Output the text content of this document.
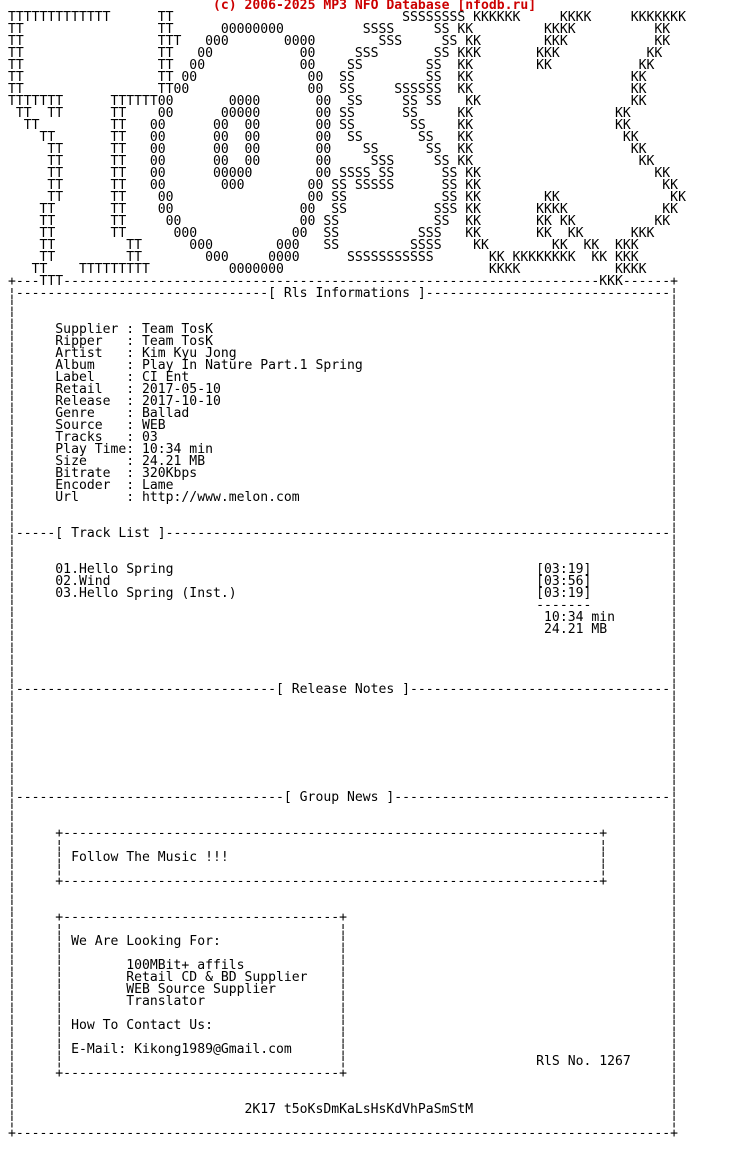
(c) 2006-2025 MP3 NFO Database [nfodb.ru]
TTTTTTTTTTTTT      TT                             SSSSSSSS KKKKKK     KKKK     KKKKKKK
TT                 TT      00000000          SSSS     SS KK         KKKK          KK
TT                 TTT   000       0000        SSS     SS KK        KKK           KK
TT                 TT   00           00     SSS       SS KKK       KKK           KK
TT                 TT  00            00    SS        SS  KK        KK           KK
TT                 TT 00              00  SS         SS  KK                    KK
TT                 TT00               00  SS     SSSSSS  KK                    KK
TTTTTTT      TTTTTT00       0000       00  SS     SS SS   KK                   KK
TT  TT      TT    00      00000       00 SS      SS     KK                  KK
TT         TT   00      00  00       00 SS       SS    KK                  KK
TT       TT   00      00  00       00  SS       SS   KK                   KK
TT      TT   00      00  00       00    SS      SS  KK                    KK
TT      TT   00      00  00       00     SSS     SS KK                     KK
TT      TT   00      00000        00 SSSS SS      SS KK                      KK
TT      TT   00       000        00 SS SSSSS      SS KK                       KK
TT      TT    00                 00 SS            SS KK        KK              KK
TT       TT    00                00  SS           SSS KK       KKKK            KK
TT       TT     00               00 SS            SS  KK       KK KK          KK
TT       TT      000            00  SS          SSS   KK       KK  KK      KKK
TT         TT      000        000   SS         SSSS    KK        KK  KK  KKK
TT         TT        000     0000      SSSSSSSSSSS       KK KKKKKKKK  KK KKK
TT    TTTTTTTTT          0000000                          KKKK            KKKK
+---TTT--------------------------------------------------------------------KKK------+
¦--------------------------------[ Rls Informations ]-------------------------------¦
¦                                                                                   ¦
¦                                                                                   ¦
¦     Supplier : Team TosK                                                          ¦
¦     Ripper   : Team TosK                                                          ¦
¦     Artist   : Kim Kyu Jong                                                       ¦
¦     Album    : Play In Nature Part.1 Spring                                       ¦
¦     Label    : CI Ent                                                             ¦
¦     Retail   : 2017-05-10                                                         ¦
¦     Release  : 2017-10-10                                                         ¦
¦     Genre    : Ballad                                                             ¦
¦     Source   : WEB                                                                ¦
¦     Tracks   : 03                                                                 ¦
¦     Play Time: 10:34 min                                                          ¦
¦     Size     : 24.21 MB                                                           ¦
¦     Bitrate  : 320Kbps                                                            ¦
¦     Encoder  : Lame                                                               ¦
¦     Url      : http://www.melon.com                                               ¦
¦                                                                                   ¦
¦                                                                                   ¦
¦-----[ Track List ]----------------------------------------------------------------¦
¦                                                                                   ¦
¦                                                                                   ¦
¦     01.Hello Spring                                              [03:19]          ¦
¦     02.Wind                                                      [03:56]          ¦
¦     03.Hello Spring (Inst.)                                      [03:19]          ¦
¦                                                                  -------          ¦
¦                                                                   10:34 min       ¦
¦                                                                   24.21 MB        ¦
¦                                                                                   ¦
¦                                                                                   ¦
¦                                                                                   ¦
¦                                                                                   ¦
¦---------------------------------[ Release Notes ]---------------------------------¦
¦                                                                                   ¦
¦                                                                                   ¦
¦                                                                                   ¦
¦                                                                                   ¦
¦                                                                                   ¦
¦                                                                                   ¦
¦                                                                                   ¦
¦                                                                                   ¦
¦----------------------------------[ Group News ]-----------------------------------¦
¦                                                                                   ¦
¦                                                                                   ¦
¦     +--------------------------------------------------------------------+        ¦
¦     ¦                                                                    ¦        ¦
¦     ¦ Follow The Music !!!                                               ¦        ¦
¦     ¦                                                                    ¦        ¦
¦     +--------------------------------------------------------------------+        ¦
¦                                                                                   ¦
¦                                                                                   ¦
¦     +-----------------------------------+                                         ¦
¦     ¦                                   ¦                                         ¦
¦     ¦ We Are Looking For:               ¦                                         ¦
¦     ¦                                   ¦                                         ¦
¦     ¦        100MBit+ affils            ¦                                         ¦
¦     ¦        Retail CD & BD Supplier    ¦                                         ¦
¦     ¦        WEB Source Supplier        ¦                                         ¦
¦     ¦        Translator                 ¦                                         ¦
¦     ¦                                   ¦                                         ¦
¦     ¦ How To Contact Us:                ¦                                         ¦
¦     ¦                                   ¦                                         ¦
¦     ¦ E-Mail: Kikong1989@Gmail.com      ¦                                         ¦
¦     ¦                                   ¦                        RlS No. 1267     ¦
¦     +-----------------------------------+                                         ¦
¦                                                                                   ¦
¦                                                                                   ¦
¦                             2K17 t5oKsDmKaLsHsKdVhPaSmStM                         ¦
¦                                                                                   ¦
+-----------------------------------------------------------------------------------+
